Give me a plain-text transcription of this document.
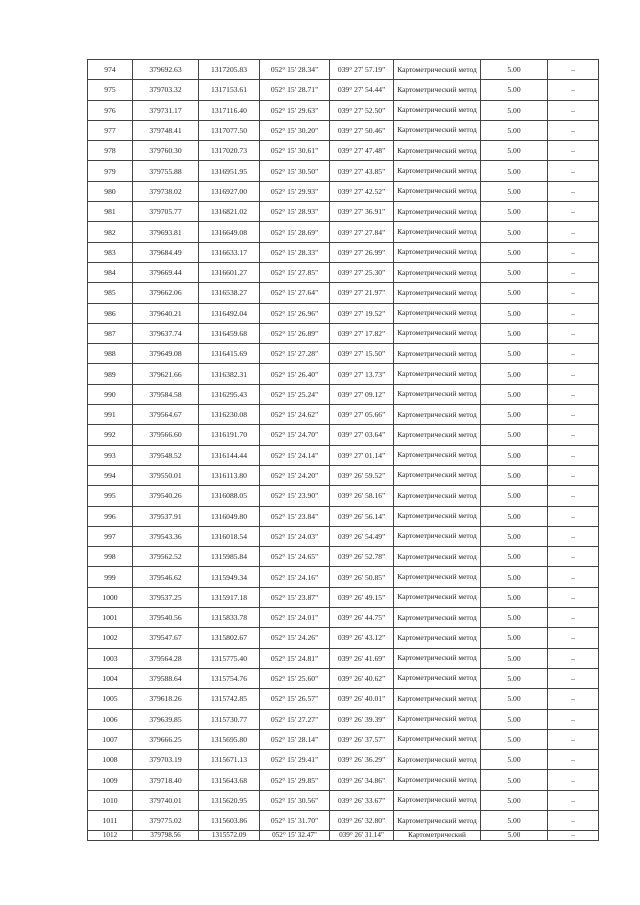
974	379692.63	1317205.83	052° 15' 28.34"	039° 27' 57.19"	Картометрический метод	5.00	–
975	379703.32	1317153.61	052° 15' 28.71"	039° 27' 54.44"	Картометрический метод	5.00	–
976	379731.17	1317116.40	052° 15' 29.63"	039° 27' 52.50"	Картометрический метод	5.00	–
977	379748.41	1317077.50	052° 15' 30.20"	039° 27' 50.46"	Картометрический метод	5.00	–
978	379760.30	1317020.73	052° 15' 30.61"	039° 27' 47.48"	Картометрический метод	5.00	–
979	379755.88	1316951.95	052° 15' 30.50"	039° 27' 43.85"	Картометрический метод	5.00	–
980	379738.02	1316927.00	052° 15' 29.93"	039° 27' 42.52"	Картометрический метод	5.00	–
981	379705.77	1316821.02	052° 15' 28.93"	039° 27' 36.91"	Картометрический метод	5.00	–
982	379693.81	1316649.08	052° 15' 28.69"	039° 27' 27.84"	Картометрический метод	5.00	–
983	379684.49	1316633.17	052° 15' 28.33"	039° 27' 26.99"	Картометрический метод	5.00	–
984	379669.44	1316601.27	052° 15' 27.85"	039° 27' 25.30"	Картометрический метод	5.00	–
985	379662.06	1316538.27	052° 15' 27.64"	039° 27' 21.97"	Картометрический метод	5.00	–
986	379640.21	1316492.04	052° 15' 26.96"	039° 27' 19.52"	Картометрический метод	5.00	–
987	379637.74	1316459.68	052° 15' 26.89"	039° 27' 17.82"	Картометрический метод	5.00	–
988	379649.08	1316415.69	052° 15' 27.28"	039° 27' 15.50"	Картометрический метод	5.00	–
989	379621.66	1316382.31	052° 15' 26.40"	039° 27' 13.73"	Картометрический метод	5.00	–
990	379584.58	1316295.43	052° 15' 25.24"	039° 27' 09.12"	Картометрический метод	5.00	–
991	379564.67	1316230.08	052° 15' 24.62"	039° 27' 05.66"	Картометрический метод	5.00	–
992	379566.60	1316191.70	052° 15' 24.70"	039° 27' 03.64"	Картометрический метод	5.00	–
993	379548.52	1316144.44	052° 15' 24.14"	039° 27' 01.14"	Картометрический метод	5.00	–
994	379550.01	1316113.80	052° 15' 24.20"	039° 26' 59.52"	Картометрический метод	5.00	–
995	379540.26	1316088.05	052° 15' 23.90"	039° 26' 58.16"	Картометрический метод	5.00	–
996	379537.91	1316049.80	052° 15' 23.84"	039° 26' 56.14"	Картометрический метод	5.00	–
997	379543.36	1316018.54	052° 15' 24.03"	039° 26' 54.49"	Картометрический метод	5.00	–
998	379562.52	1315985.84	052° 15' 24.65"	039° 26' 52.78"	Картометрический метод	5.00	–
999	379546.62	1315949.34	052° 15' 24.16"	039° 26' 50.85"	Картометрический метод	5.00	–
1000	379537.25	1315917.18	052° 15' 23.87"	039° 26' 49.15"	Картометрический метод	5.00	–
1001	379540.56	1315833.78	052° 15' 24.01"	039° 26' 44.75"	Картометрический метод	5.00	–
1002	379547.67	1315802.67	052° 15' 24.26"	039° 26' 43.12"	Картометрический метод	5.00	–
1003	379564.28	1315775.40	052° 15' 24.81"	039° 26' 41.69"	Картометрический метод	5.00	–
1004	379588.64	1315754.76	052° 15' 25.60"	039° 26' 40.62"	Картометрический метод	5.00	–
1005	379618.26	1315742.85	052° 15' 26.57"	039° 26' 40.01"	Картометрический метод	5.00	–
1006	379639.85	1315730.77	052° 15' 27.27"	039° 26' 39.39"	Картометрический метод	5.00	–
1007	379666.25	1315695.80	052° 15' 28.14"	039° 26' 37.57"	Картометрический метод	5.00	–
1008	379703.19	1315671.13	052° 15' 29.41"	039° 26' 36.29"	Картометрический метод	5.00	–
1009	379718.40	1315643.68	052° 15' 29.85"	039° 26' 34.86"	Картометрический метод	5.00	–
1010	379740.01	1315620.95	052° 15' 30.56"	039° 26' 33.67"	Картометрический метод	5.00	–
1011	379775.02	1315603.86	052° 15' 31.70"	039° 26' 32.80"	Картометрический метод	5.00	–
1012	379798.56	1315572.09	052° 15' 32.47"	039° 26' 31.14"	Картометрический	5.00	–
